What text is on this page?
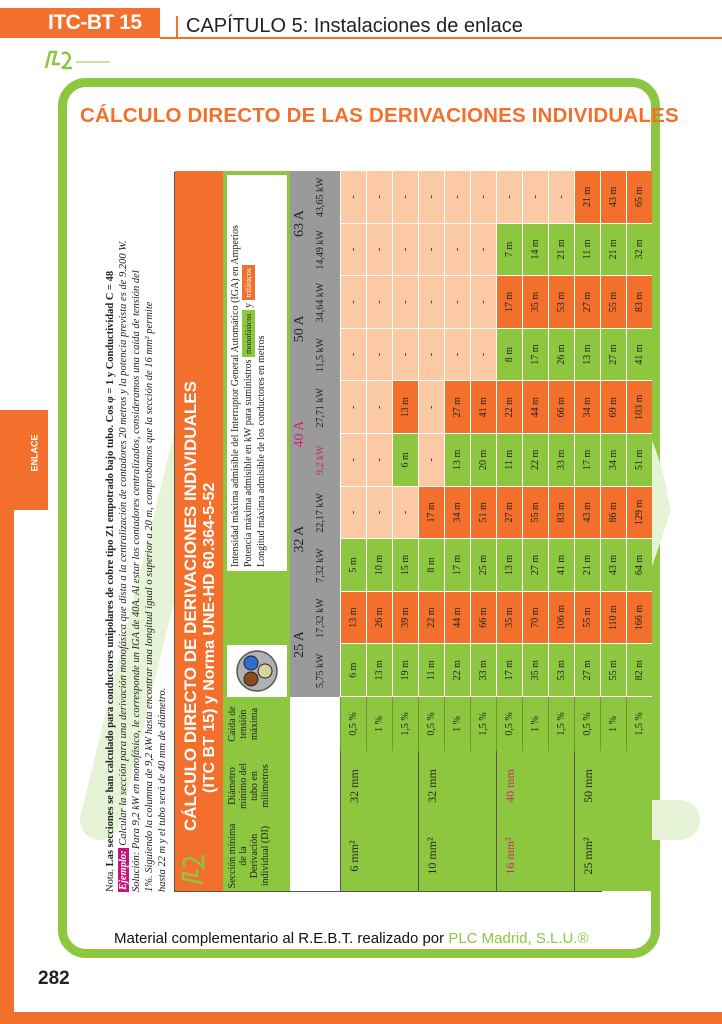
ITC-BT 15	CAPÍTULO 5: Instalaciones de enlace
ENLACE
CÁLCULO DIRECTO DE LAS DERIVACIONES INDIVIDUALES
Nota. Las secciones se han calculado para conductores unipolares de cobre tipo Z1 empotrado bajo tubo. Cos φ = 1 y Conductividad C = 48
Ejemplo: Calcular la sección para una derivación monofásica que dista a la centralización de contadores 20 metros y la potencia prevista es de 9.200 W. Solución: Para 9,2 kW en monofásico, le corresponde un IGA de 40A. Al estar los contadores centralizados, consideramos una caída de tensión del 1%. Siguiendo la columna de 9,2 kW hasta encontrar una longitud igual o superior a 20 m, comprobamos que la sección de 16 mm² permite hasta 22 m y el tubo será de 40 mm de diámetro. CÁLCULO DIRECTO DE DERIVACIONES INDIVIDUALES (ITC BT 15) y Norma UNE-HD 60.364-5-52
Sección mínima de la Derivación individual (DI)
Diámetro mínimo del tubo en milímetros
Caída de tensión máxima
Intensidad máxima admisible del Interruptor General Automático (IGA) en Amperios Potencia máxima admisible en kW para suministros monofásicos y trifásicos
Longitud máxima admisible de los conductores en metros
25 A
32 A
40 A
50 A
63 A
5,75 kW
17,32 kW
7,32 kW
22,17 kW
9,2 kW
27,71 kW
11,5 kW
34,64 kW
14,49 kW
43,65 kW
6 mm²
32 mm
0,5 %
6 m
13 m
5 m
-
-
-
-
-
-
-
1 %
13 m
26 m
10 m
-
-
-
-
-
-
-
1,5 %
19 m
39 m
15 m
-
6 m
13 m
-
-
-
-
10 mm²
32 mm
0,5 %
11 m
22 m
8 m
17 m
-
-
-
-
-
-
1 %
22 m
44 m
17 m
34 m
13 m
27 m
-
-
-
-
1,5 %
33 m
66 m
25 m
51 m
20 m
41 m
-
-
-
-
16 mm²
40 mm
0,5 %
17 m
35 m
13 m
27 m
11 m
22 m
8 m
17 m
7 m
-
1 %
35 m
70 m
27 m
55 m
22 m
44 m
17 m
35 m
14 m
-
1,5 %
53 m
106 m
41 m
83 m
33 m
66 m
26 m
53 m
21 m
-
25 mm²
50 mm
0,5 %
27 m
55 m
21 m
43 m
17 m
34 m
13 m
27 m
11 m
21 m
1 %
55 m
110 m
43 m
86 m
34 m
69 m
27 m
55 m
21 m
43 m
1,5 %
82 m
166 m
64 m
129 m
51 m
103 m
41 m
83 m
32 m
65 m
Material complementario al R.E.B.T. realizado por PLC Madrid, S.L.U.®
282
